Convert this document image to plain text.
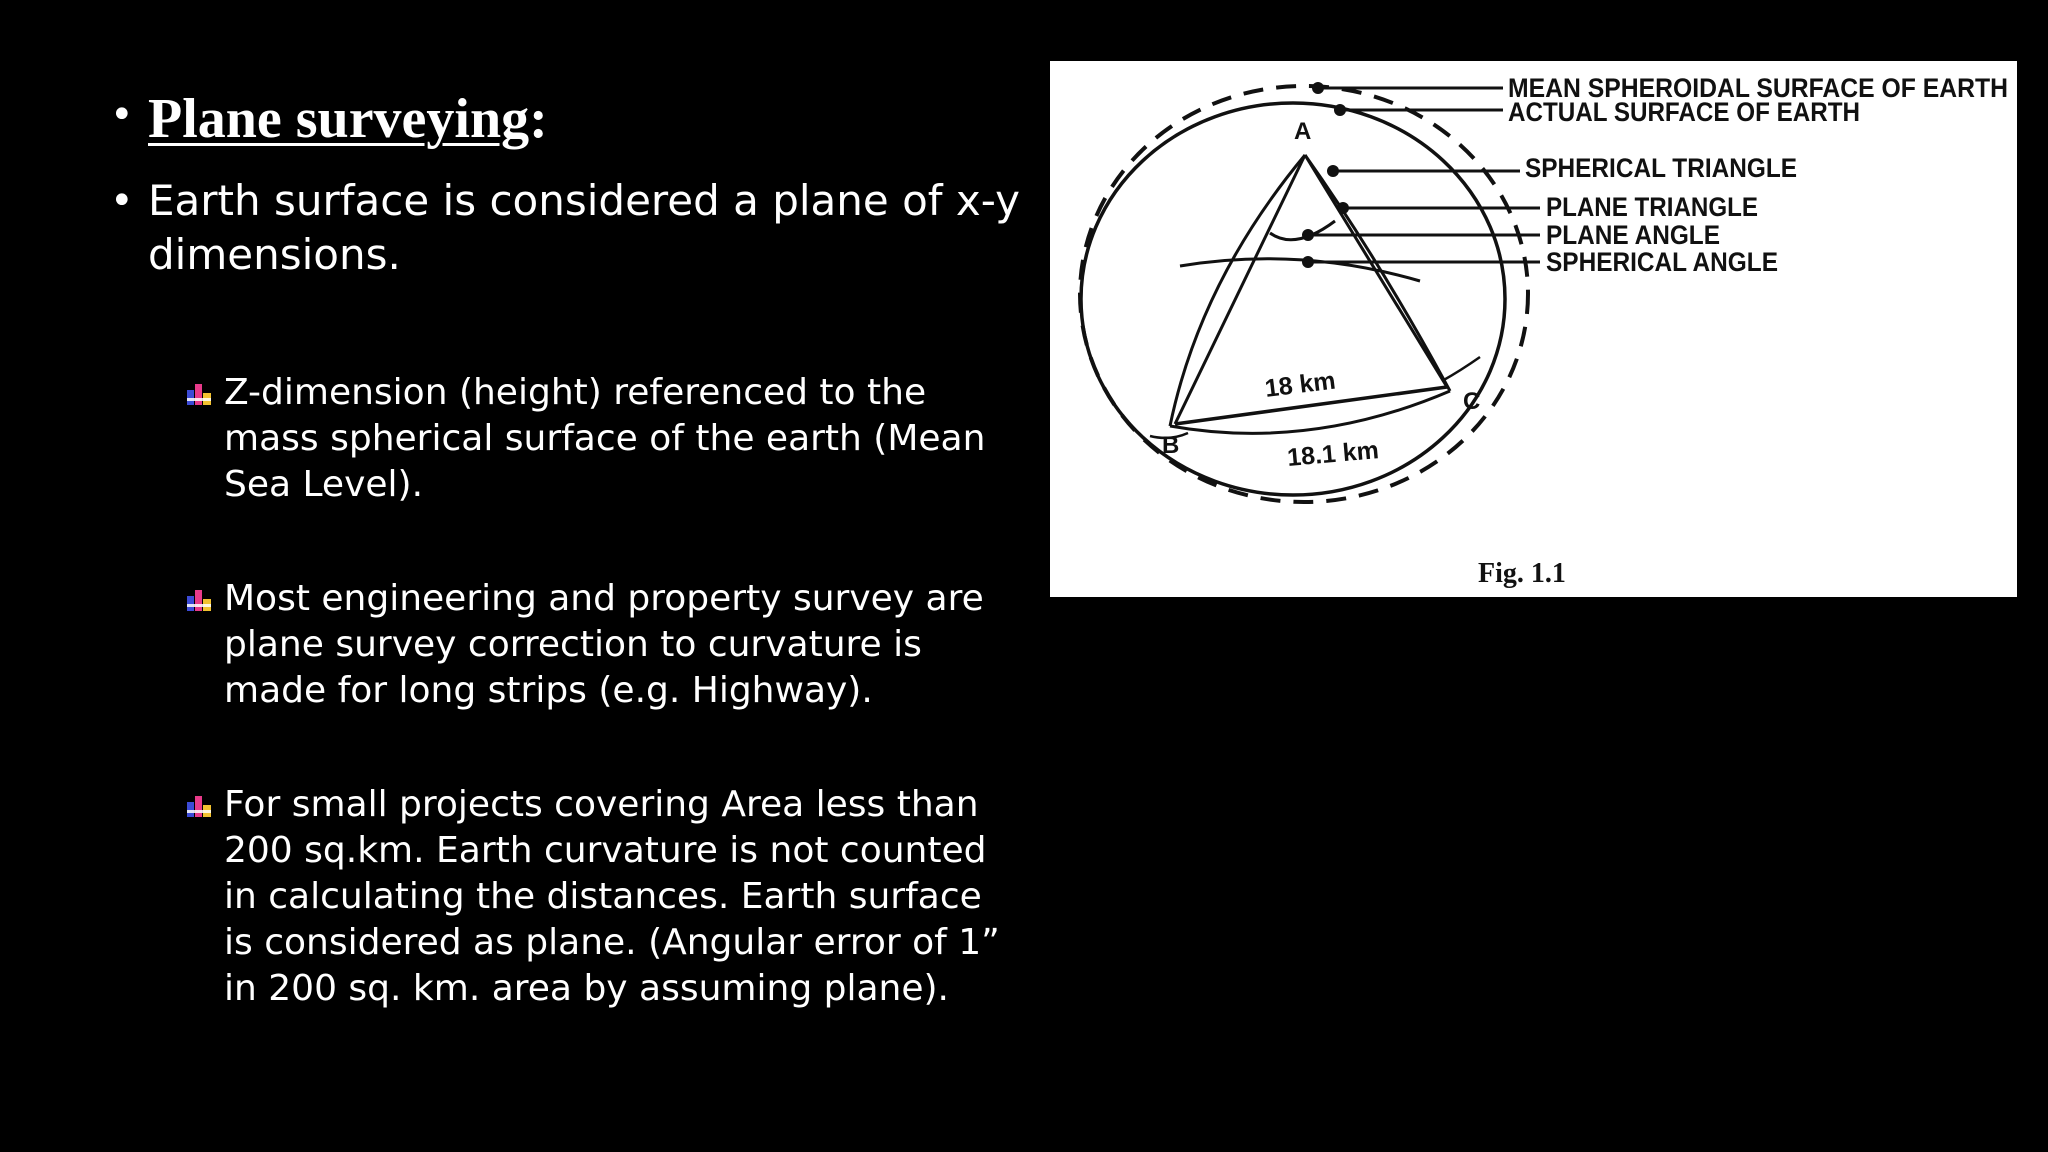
• Plane surveying:
• Earth surface is considered a plane of x-y dimensions.
Z-dimension (height) referenced to the mass spherical surface of the earth (Mean Sea Level).
Most engineering and property survey are plane survey correction to curvature is made for long strips (e.g. Highway).
For small projects covering Area less than 200 sq.km. Earth curvature is not counted in calculating the distances. Earth surface is considered as plane. (Angular error of 1” in 200 sq. km. area by assuming plane).
MEAN SPHEROIDAL SURFACE OF EARTH
ACTUAL SURFACE OF EARTH
SPHERICAL TRIANGLE
PLANE TRIANGLE
PLANE ANGLE
SPHERICAL ANGLE
A
B
C
18 km
18.1 km
Fig. 1.1
